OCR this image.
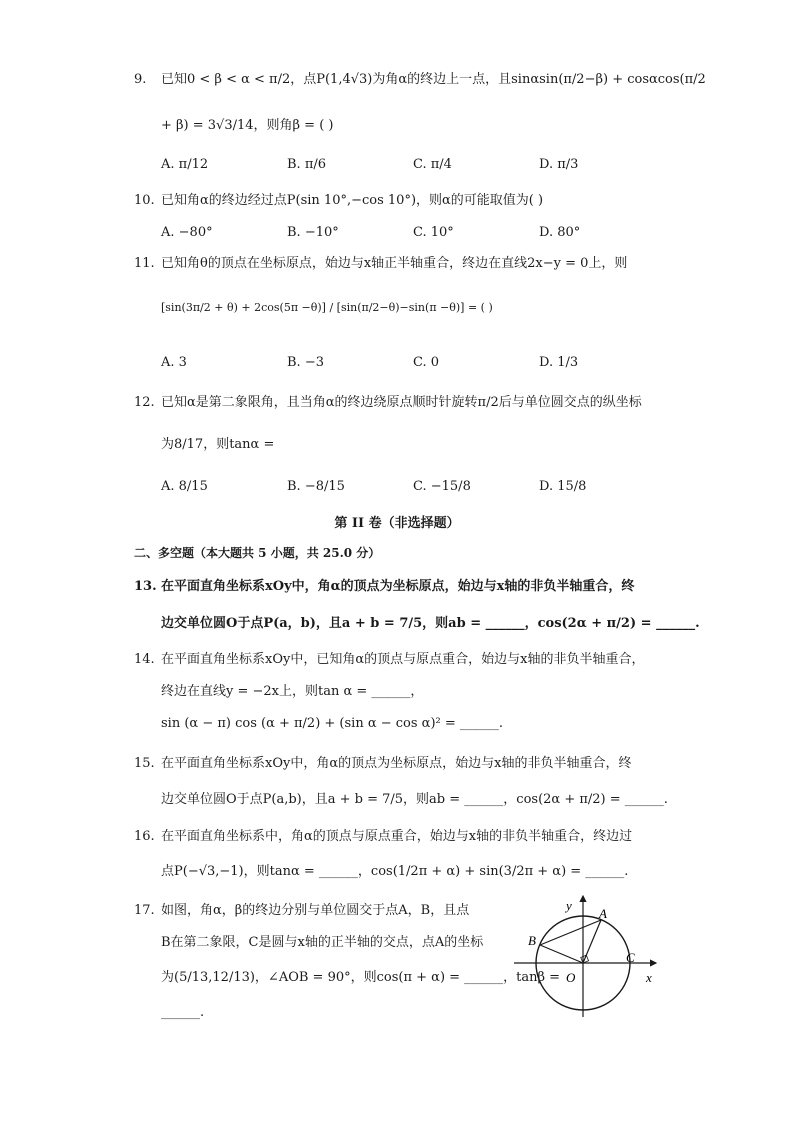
9. 已知0 < β < α < π/2，点P(1,4√3)为角α的终边上一点，且sinαsin(π/2−β) + cosαcos(π/2
+ β) = 3√3/14，则角β = ( )
A. π/12	B. π/6	C. π/4	D. π/3
10. 已知角α的终边经过点P(sin 10°,−cos 10°)，则α的可能取值为( )
A. −80°	B. −10°	C. 10°	D. 80°
11. 已知角θ的顶点在坐标原点，始边与x轴正半轴重合，终边在直线2x−y = 0上，则
[sin(3π/2 + θ) + 2cos(5π −θ)] / [sin(π/2−θ)−sin(π −θ)] = ( )
A. 3	B. −3	C. 0	D. 1/3
12. 已知α是第二象限角，且当角α的终边绕原点顺时针旋转π/2后与单位圆交点的纵坐标
为8/17，则tanα =
A. 8/15	B. −8/15	C. −15/8	D. 15/8
第 II 卷（非选择题）
二、多空题（本大题共 5 小题，共 25.0 分）
13. 在平面直角坐标系xOy中，角α的顶点为坐标原点，始边与x轴的非负半轴重合，终
边交单位圆O于点P(a，b)，且a + b = 7/5，则ab = ______，cos(2α + π/2) = ______.
14. 在平面直角坐标系xOy中，已知角α的顶点与原点重合，始边与x轴的非负半轴重合，
终边在直线y = −2x上，则tan α = ______，
sin (α − π) cos (α + π/2) + (sin α − cos α)² = ______.
15. 在平面直角坐标系xOy中，角α的顶点为坐标原点，始边与x轴的非负半轴重合，终
边交单位圆O于点P(a,b)，且a + b = 7/5，则ab = ______，cos(2α + π/2) = ______.
16. 在平面直角坐标系中，角α的顶点与原点重合，始边与x轴的非负半轴重合，终边过
点P(−√3,−1)，则tanα = ______，cos(1/2π + α) + sin(3/2π + α) = ______.
17. 如图，角α，β的终边分别与单位圆交于点A，B，且点
B在第二象限，C是圆与x轴的正半轴的交点，点A的坐标
为(5/13,12/13)，∠AOB = 90°，则cos(π + α) = ______，tanβ =
______.
y
x
A
B
C
O
